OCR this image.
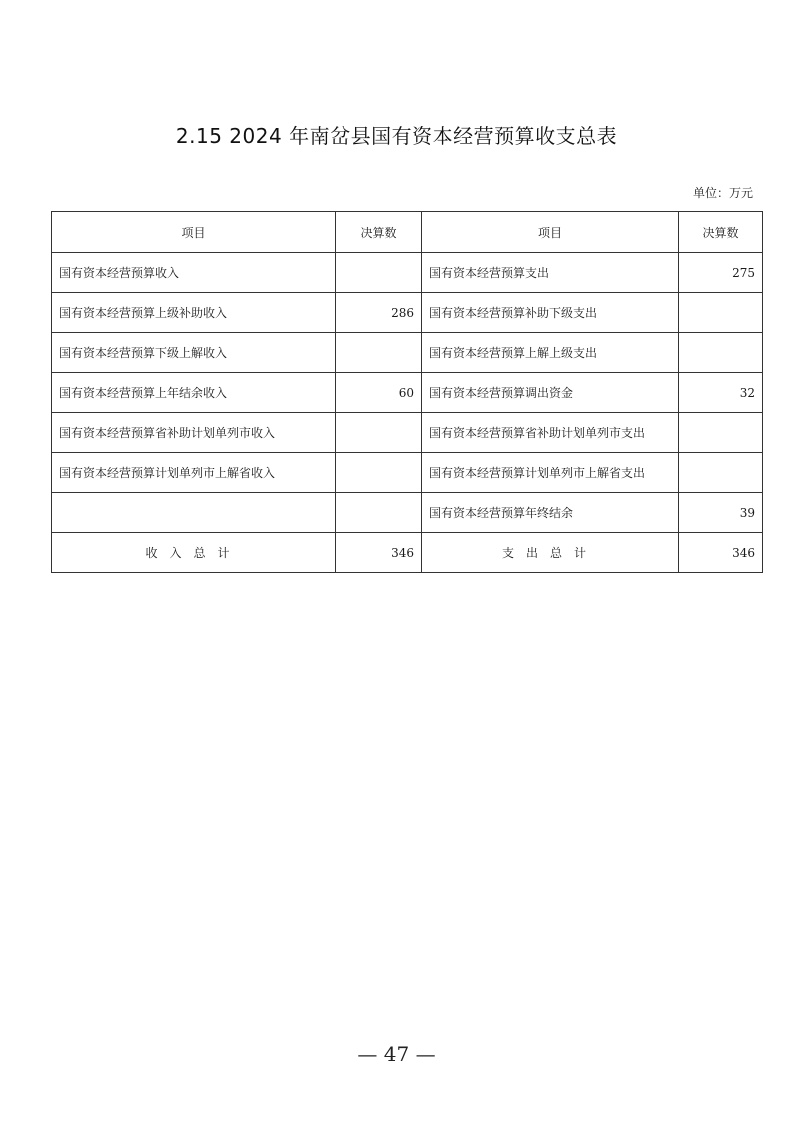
2.15 2024 年南岔县国有资本经营预算收支总表
单位：万元
项目	决算数	项目	决算数
国有资本经营预算收入		国有资本经营预算支出	275
国有资本经营预算上级补助收入	286	国有资本经营预算补助下级支出	
国有资本经营预算下级上解收入		国有资本经营预算上解上级支出	
国有资本经营预算上年结余收入	60	国有资本经营预算调出资金	32
国有资本经营预算省补助计划单列市收入		国有资本经营预算省补助计划单列市支出	
国有资本经营预算计划单列市上解省收入		国有资本经营预算计划单列市上解省支出	
		国有资本经营预算年终结余	39
收入总计	346	支出总计	346
— 47 —
